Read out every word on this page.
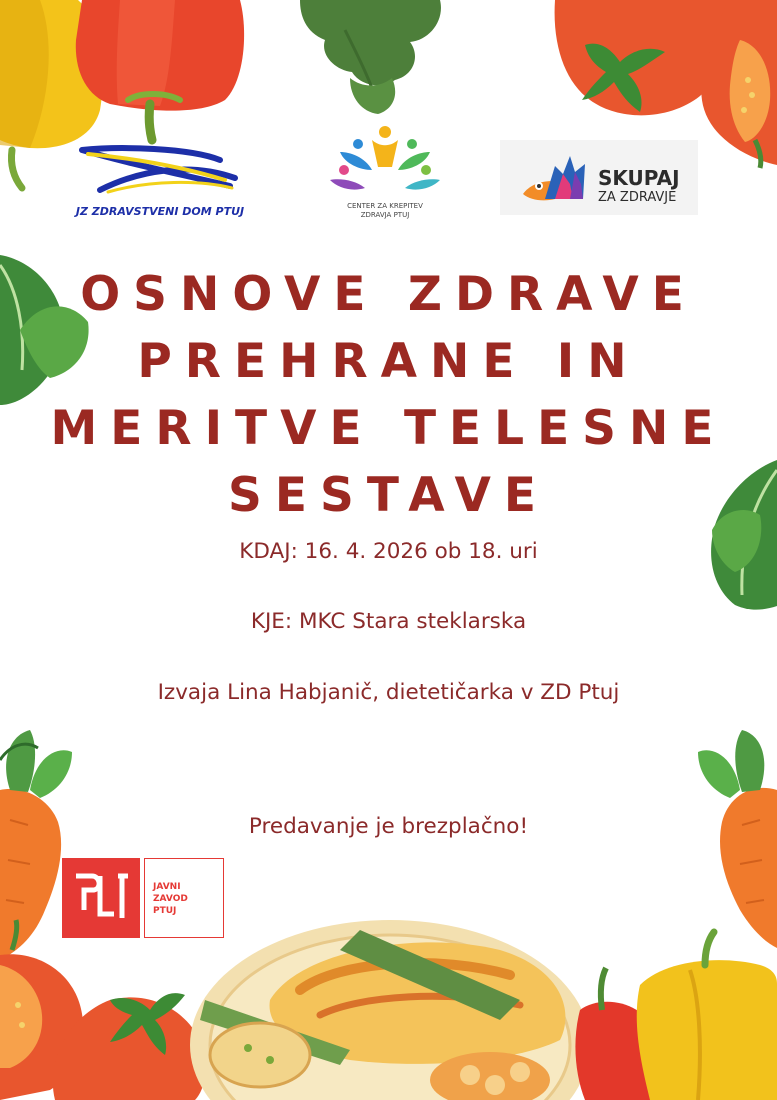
JZ ZDRAVSTVENI DOM PTUJ	CENTER ZA KREPITEV
ZDRAVJA PTUJ
SKUPAJ
ZA ZDRAVJE
OSNOVE ZDRAVE
PREHRANE IN
MERITVE TELESNE
SESTAVE
KDAJ: 16. 4. 2026 ob 18. uri
KJE: MKC Stara steklarska
Izvaja Lina Habjanič, dietetičarka v ZD Ptuj
Predavanje je brezplačno!
JAVNI
ZAVOD
PTUJ
